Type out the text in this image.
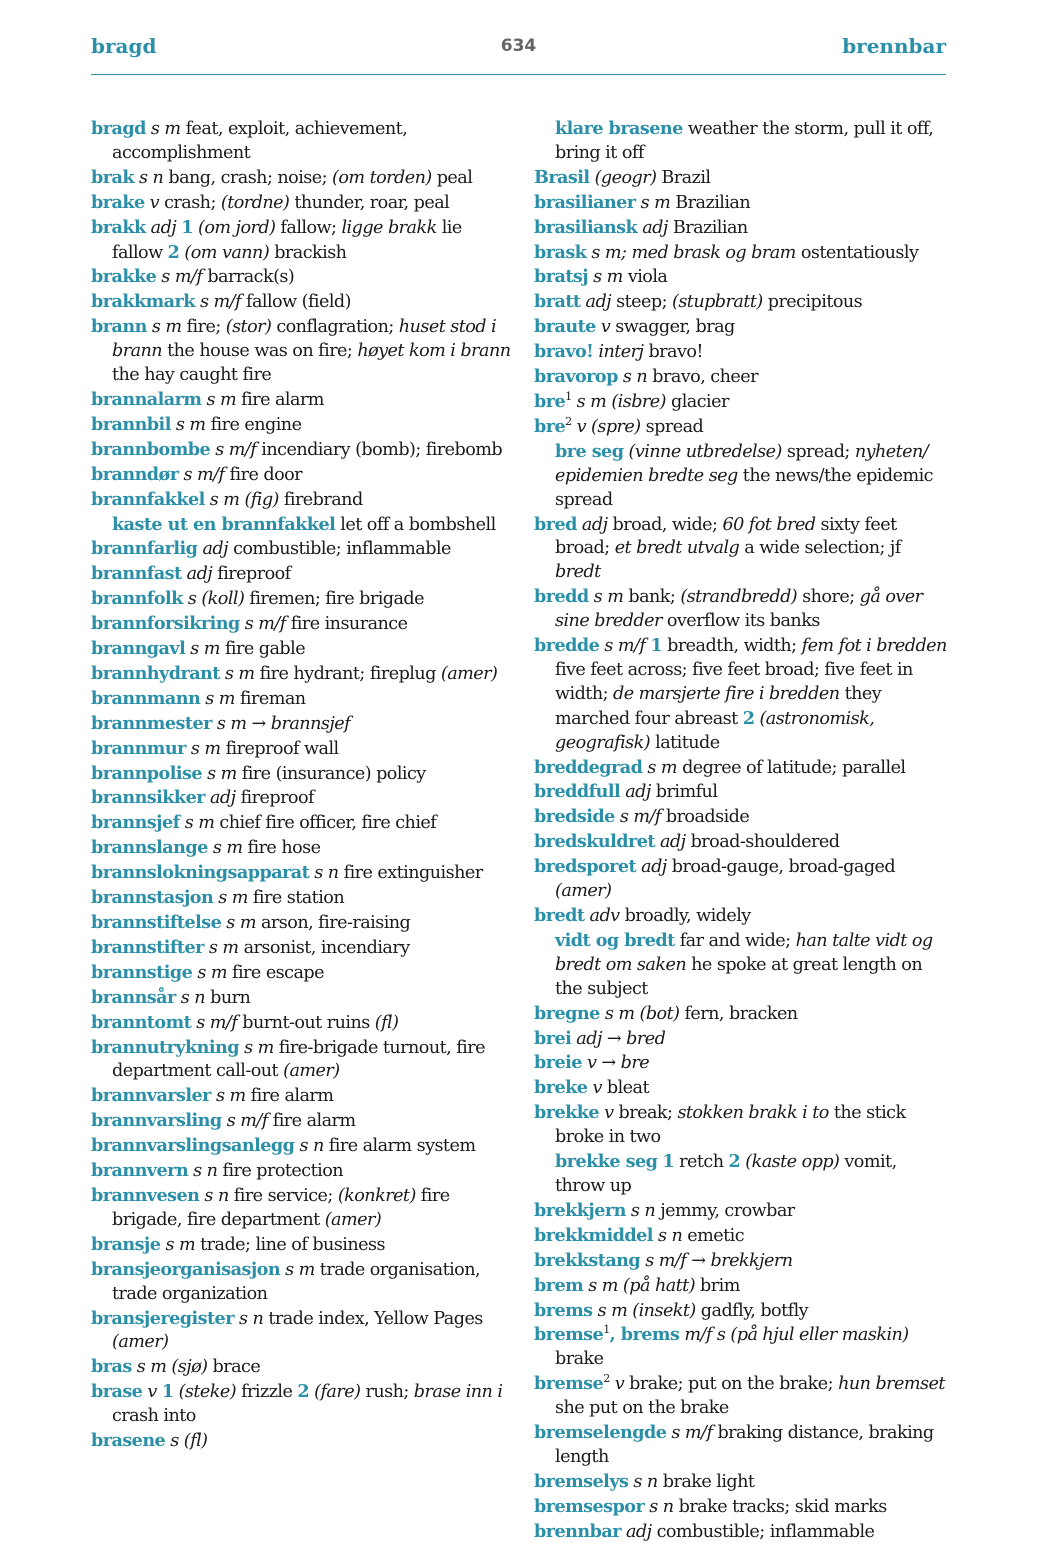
bragd	634	brennbar

bragd s m feat, exploit, achievement, accomplishment

brak s n bang, crash; noise; (om torden) peal

brake v crash; (tordne) thunder, roar, peal

brakk adj 1 (om jord) fallow; ligge brakk lie fallow 2 (om vann) brackish

brakke s m/f barrack(s)

brakkmark s m/f fallow (field)

brann s m fire; (stor) conflagration; huset stod i brann the house was on fire; høyet kom i brann the hay caught fire

brannalarm s m fire alarm

brannbil s m fire engine

brannbombe s m/f incendiary (bomb); firebomb

branndør s m/f fire door

brannfakkel s m (fig) firebrand

kaste ut en brannfakkel let off a bombshell

brannfarlig adj combustible; inflammable

brannfast adj fireproof

brannfolk s (koll) firemen; fire brigade

brannforsikring s m/f fire insurance

branngavl s m fire gable

brannhydrant s m fire hydrant; fireplug (amer)

brannmann s m fireman

brannmester s m → brannsjef

brannmur s m fireproof wall

brannpolise s m fire (insurance) policy

brannsikker adj fireproof

brannsjef s m chief fire officer, fire chief

brannslange s m fire hose

brannslokningsapparat s n fire extinguisher

brannstasjon s m fire station

brannstiftelse s m arson, fire-raising

brannstifter s m arsonist, incendiary

brannstige s m fire escape

brannsår s n burn

branntomt s m/f burnt-out ruins (fl)

brannutrykning s m fire-brigade turnout, fire department call-out (amer)

brannvarsler s m fire alarm

brannvarsling s m/f fire alarm

brannvarslingsanlegg s n fire alarm system

brannvern s n fire protection

brannvesen s n fire service; (konkret) fire brigade, fire department (amer)

bransje s m trade; line of business

bransjeorganisasjon s m trade organisation, trade organization

bransjeregister s n trade index, Yellow Pages (amer)

bras s m (sjø) brace

brase v 1 (steke) frizzle 2 (fare) rush; brase inn i crash into

brasene s (fl)

klare brasene weather the storm, pull it off, bring it off

Brasil (geogr) Brazil

brasilianer s m Brazilian

brasiliansk adj Brazilian

brask s m; med brask og bram ostentatiously

bratsj s m viola

bratt adj steep; (stupbratt) precipitous

braute v swagger, brag

bravo! interj bravo!

bravorop s n bravo, cheer

bre$^1$ s m (isbre) glacier

bre$^2$ v (spre) spread

bre seg (vinne utbredelse) spread; nyheten/ epidemien bredte seg the news/the epidemic spread

bred adj broad, wide; 60 fot bred sixty feet broad; et bredt utvalg a wide selection; jf bredt

bredd s m bank; (strandbredd) shore; gå over sine bredder overflow its banks

bredde s m/f 1 breadth, width; fem fot i bredden five feet across; five feet broad; five feet in width; de marsjerte fire i bredden they marched four abreast 2 (astronomisk, geografisk) latitude

breddegrad s m degree of latitude; parallel

breddfull adj brimful

bredside s m/f broadside

bredskuldret adj broad-shouldered

bredsporet adj broad-gauge, broad-gaged (amer)

bredt adv broadly, widely

vidt og bredt far and wide; han talte vidt og bredt om saken he spoke at great length on the subject

bregne s m (bot) fern, bracken

brei adj → bred

breie v → bre

breke v bleat

brekke v break; stokken brakk i to the stick broke in two

brekke seg 1 retch 2 (kaste opp) vomit, throw up

brekkjern s n jemmy, crowbar

brekkmiddel s n emetic

brekkstang s m/f → brekkjern

brem s m (på hatt) brim

brems s m (insekt) gadfly, botfly

bremse$^1$, brems m/f s (på hjul eller maskin) brake

bremse$^2$ v brake; put on the brake; hun bremset she put on the brake

bremselengde s m/f braking distance, braking length

bremselys s n brake light

bremsespor s n brake tracks; skid marks

brennbar adj combustible; inflammable
